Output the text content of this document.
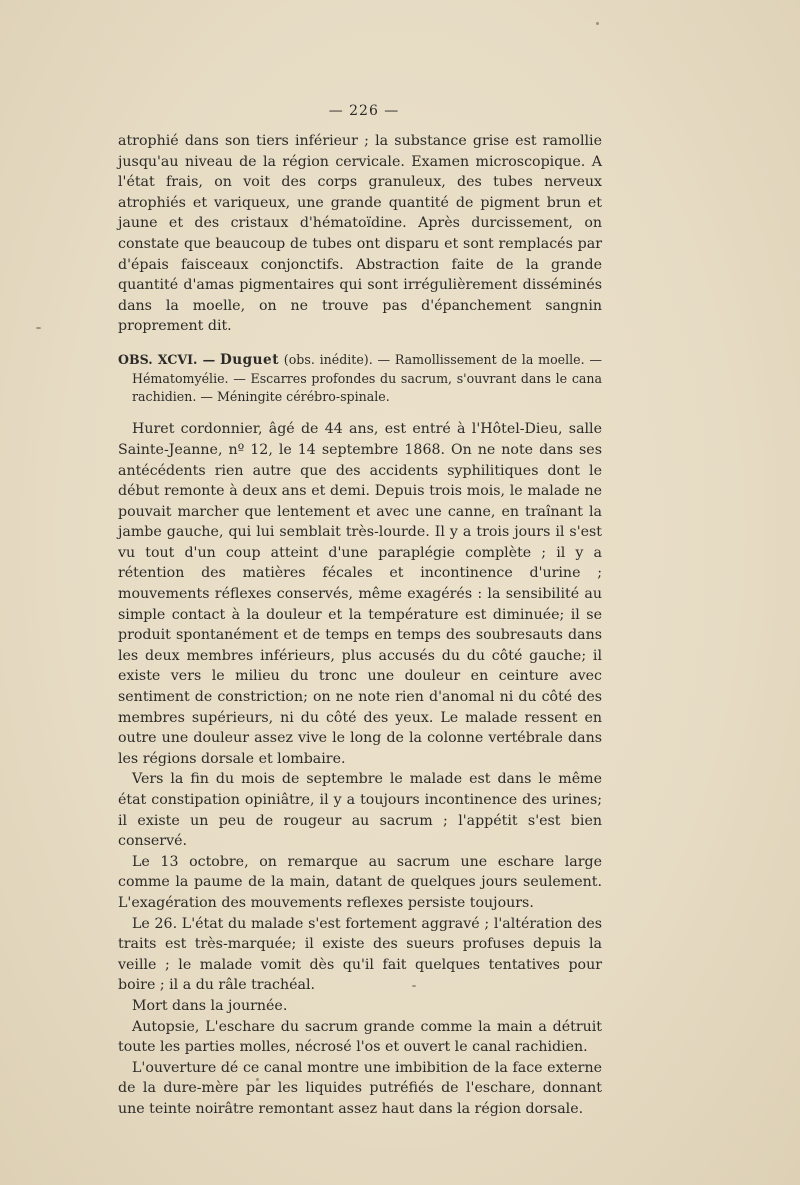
— 226 —

atrophié dans son tiers inférieur ; la substance grise est ramollie jusqu'au niveau de la région cervicale. Examen microscopique. A l'état frais, on voit des corps granuleux, des tubes nerveux atrophiés et variqueux, une grande quantité de pigment brun et jaune et des cristaux d'hématoïdine. Après durcissement, on constate que beaucoup de tubes ont disparu et sont remplacés par d'épais faisceaux conjonctifs. Abstraction faite de la grande quantité d'amas pigmentaires qui sont irrégulièrement disséminés dans la moelle, on ne trouve pas d'épanchement sangnin proprement dit.

OBS. XCVI. — Duguet (obs. inédite). — Ramollissement de la moelle. — Hématomyélie. — Escarres profondes du sacrum, s'ouvrant dans le cana rachidien. — Méningite cérébro-spinale.

Huret cordonnier, âgé de 44 ans, est entré à l'Hôtel-Dieu, salle Sainte-Jeanne, nº 12, le 14 septembre 1868. On ne note dans ses antécédents rien autre que des accidents syphilitiques dont le début remonte à deux ans et demi. Depuis trois mois, le malade ne pouvait marcher que lentement et avec une canne, en traînant la jambe gauche, qui lui semblait très-lourde. Il y a trois jours il s'est vu tout d'un coup atteint d'une paraplégie complète ; il y a rétention des matières fécales et incontinence d'urine ; mouvements réflexes conservés, même exagérés : la sensibilité au simple contact à la douleur et la température est diminuée; il se produit spontanément et de temps en temps des soubresauts dans les deux membres inférieurs, plus accusés du du côté gauche; il existe vers le milieu du tronc une douleur en ceinture avec sentiment de constriction; on ne note rien d'anomal ni du côté des membres supérieurs, ni du côté des yeux. Le malade ressent en outre une douleur assez vive le long de la colonne vertébrale dans les régions dorsale et lombaire.

Vers la fin du mois de septembre le malade est dans le même état constipation opiniâtre, il y a toujours incontinence des urines; il existe un peu de rougeur au sacrum ; l'appétit s'est bien conservé.

Le 13 octobre, on remarque au sacrum une eschare large comme la paume de la main, datant de quelques jours seulement. L'exagération des mouvements reflexes persiste toujours.

Le 26. L'état du malade s'est fortement aggravé ; l'altération des traits est très-marquée; il existe des sueurs profuses depuis la veille ; le malade vomit dès qu'il fait quelques tentatives pour boire ; il a du râle trachéal.

Mort dans la journée.

Autopsie, L'eschare du sacrum grande comme la main a détruit toute les parties molles, nécrosé l'os et ouvert le canal rachidien.

L'ouverture dé ce canal montre une imbibition de la face externe de la dure-mère par les liquides putréfiés de l'eschare, donnant une teinte noirâtre remontant assez haut dans la région dorsale.
